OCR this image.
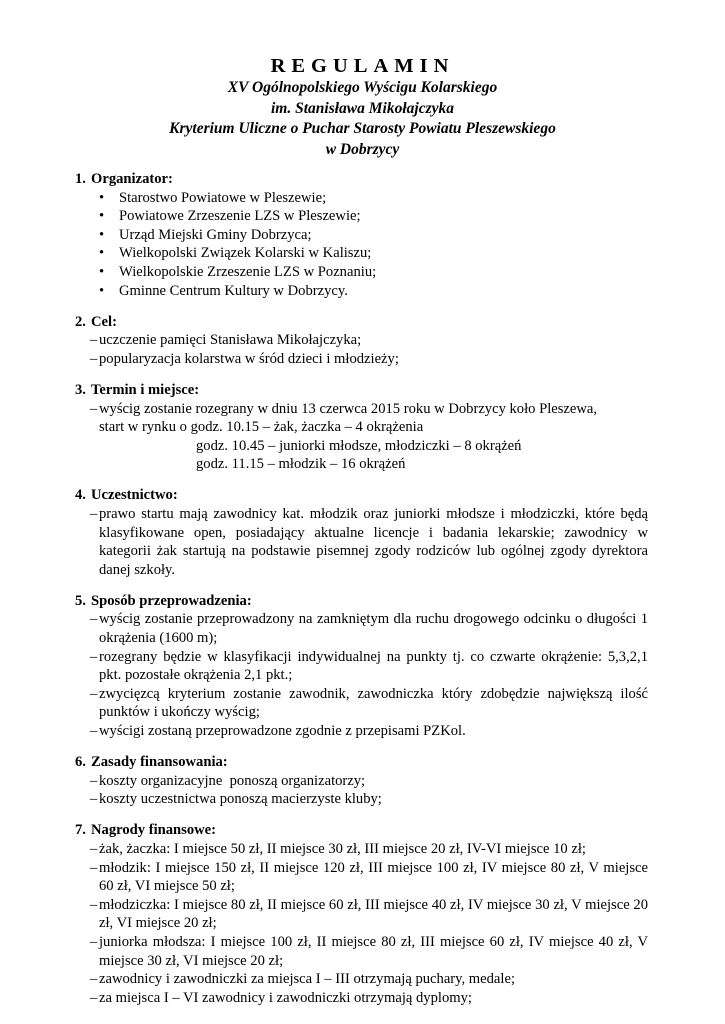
REGULAMIN
XV Ogólnopolskiego Wyścigu Kolarskiego
im. Stanisława Mikołajczyka
Kryterium Uliczne o Puchar Starosty Powiatu Pleszewskiego
w Dobrzycy
1. Organizator:
• Starostwo Powiatowe w Pleszewie;
• Powiatowe Zrzeszenie LZS w Pleszewie;
• Urząd Miejski Gminy Dobrzyca;
• Wielkopolski Związek Kolarski w Kaliszu;
• Wielkopolskie Zrzeszenie LZS w Poznaniu;
• Gminne Centrum Kultury w Dobrzycy.
2. Cel:
– uczczenie pamięci Stanisława Mikołajczyka;
– popularyzacja kolarstwa w śród dzieci i młodzieży;
3. Termin i miejsce:
– wyścig zostanie rozegrany w dniu 13 czerwca 2015 roku w Dobrzycy koło Pleszewa,
start w rynku o godz. 10.15 – żak, żaczka – 4 okrążenia
godz. 10.45 – juniorki młodsze, młodziczki – 8 okrążeń
godz. 11.15 – młodzik – 16 okrążeń
4. Uczestnictwo:
– prawo startu mają zawodnicy kat. młodzik oraz juniorki młodsze i młodziczki, które będą klasyfikowane open, posiadający aktualne licencje i badania lekarskie; zawodnicy w kategorii żak startują na podstawie pisemnej zgody rodziców lub ogólnej zgody dyrektora danej szkoły.
5. Sposób przeprowadzenia:
– wyścig zostanie przeprowadzony na zamkniętym dla ruchu drogowego odcinku o długości 1 okrążenia (1600 m);
– rozegrany będzie w klasyfikacji indywidualnej na punkty tj. co czwarte okrążenie: 5,3,2,1 pkt. pozostałe okrążenia 2,1 pkt.;
– zwycięzcą kryterium zostanie zawodnik, zawodniczka który zdobędzie największą ilość punktów i ukończy wyścig;
– wyścigi zostaną przeprowadzone zgodnie z przepisami PZKol.
6. Zasady finansowania:
– koszty organizacyjne  ponoszą organizatorzy;
– koszty uczestnictwa ponoszą macierzyste kluby;
7. Nagrody finansowe:
– żak, żaczka: I miejsce 50 zł, II miejsce 30 zł, III miejsce 20 zł, IV-VI miejsce 10 zł;
– młodzik: I miejsce 150 zł, II miejsce 120 zł, III miejsce 100 zł, IV miejsce 80 zł, V miejsce 60 zł, VI miejsce 50 zł;
– młodziczka: I miejsce 80 zł, II miejsce 60 zł, III miejsce 40 zł, IV miejsce 30 zł, V miejsce 20 zł, VI miejsce 20 zł;
– juniorka młodsza: I miejsce 100 zł, II miejsce 80 zł, III miejsce 60 zł, IV miejsce 40 zł, V miejsce 30 zł, VI miejsce 20 zł;
– zawodnicy i zawodniczki za miejsca I – III otrzymają puchary, medale;
– za miejsca I – VI zawodnicy i zawodniczki otrzymają dyplomy;
